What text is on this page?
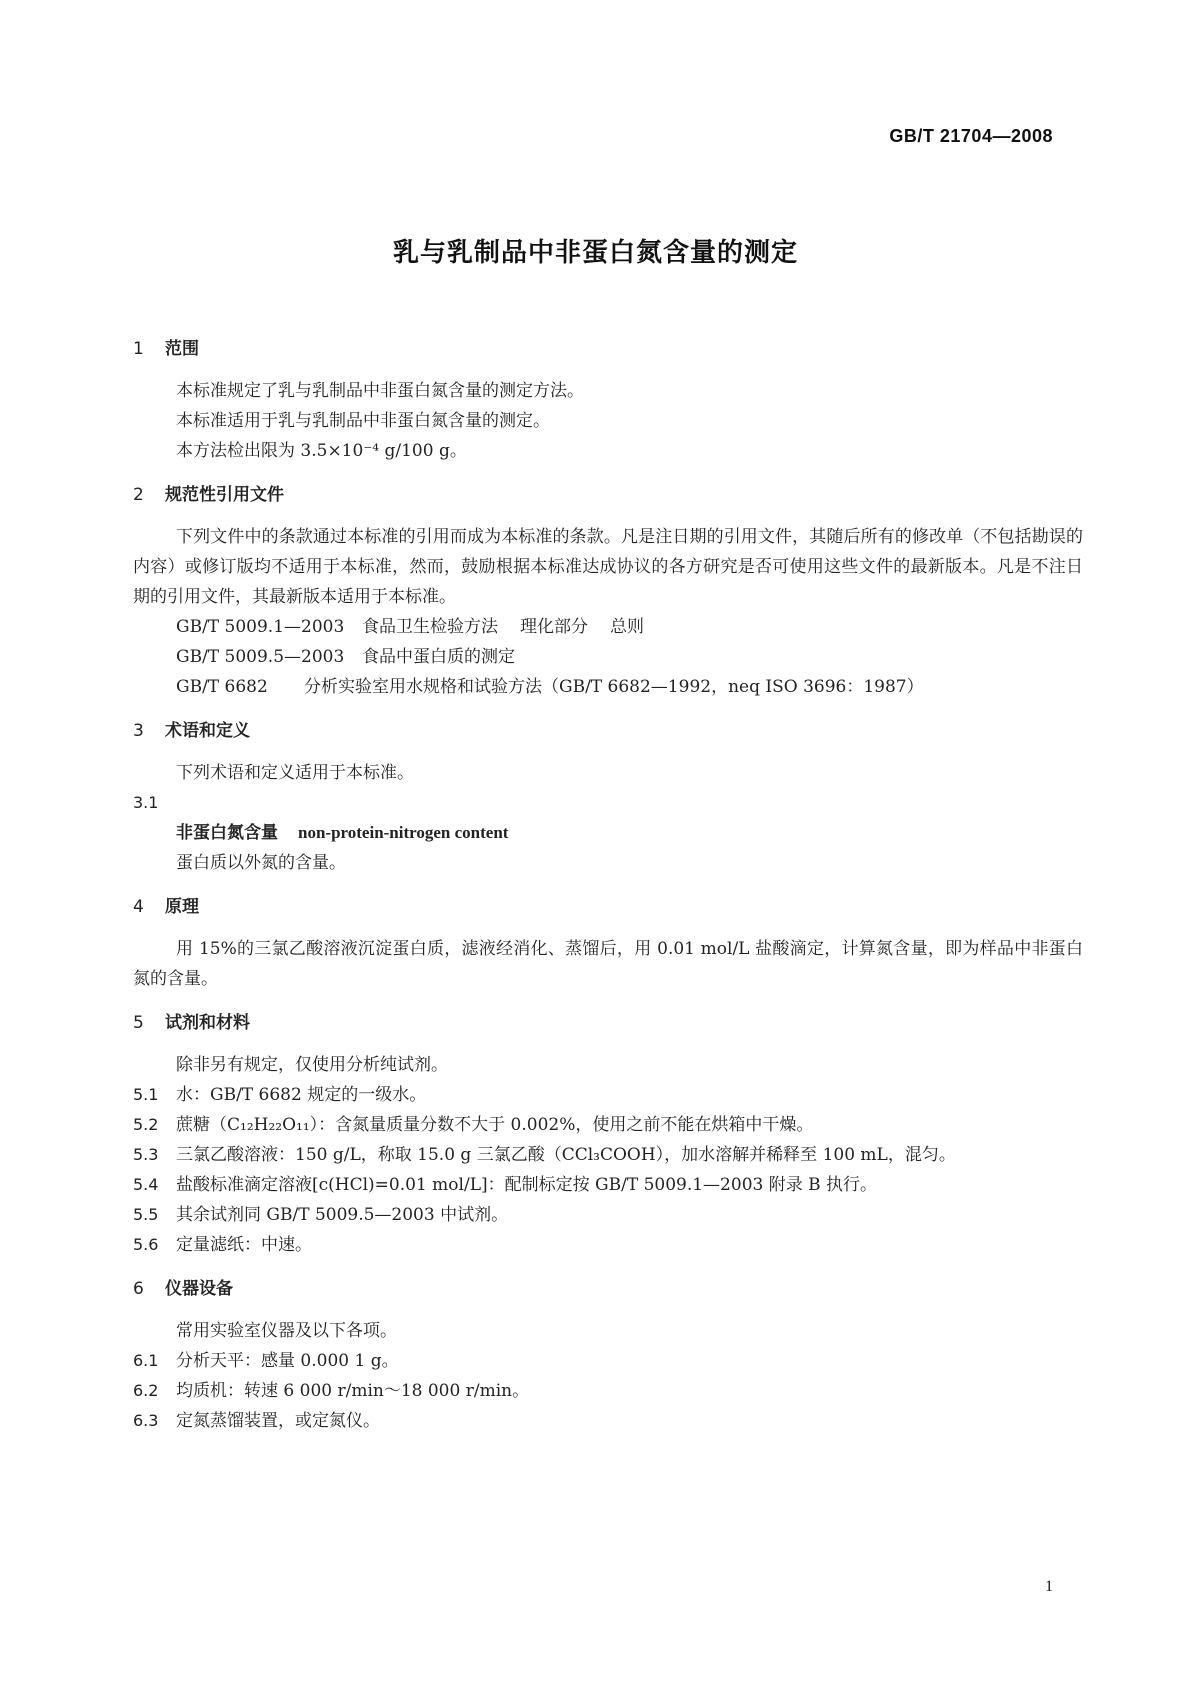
GB/T 21704—2008
乳与乳制品中非蛋白氮含量的测定
1 范围
本标准规定了乳与乳制品中非蛋白氮含量的测定方法。
本标准适用于乳与乳制品中非蛋白氮含量的测定。
本方法检出限为 3.5×10⁻⁴ g/100 g。
2 规范性引用文件
下列文件中的条款通过本标准的引用而成为本标准的条款。凡是注日期的引用文件，其随后所有的修改单（不包括勘误的内容）或修订版均不适用于本标准，然而，鼓励根据本标准达成协议的各方研究是否可使用这些文件的最新版本。凡是不注日期的引用文件，其最新版本适用于本标准。
GB/T 5009.1—2003 食品卫生检验方法 理化部分 总则
GB/T 5009.5—2003 食品中蛋白质的测定
GB/T 6682 分析实验室用水规格和试验方法（GB/T 6682—1992，neq ISO 3696：1987）
3 术语和定义
下列术语和定义适用于本标准。
3.1
非蛋白氮含量 non-protein-nitrogen content
蛋白质以外氮的含量。
4 原理
用 15%的三氯乙酸溶液沉淀蛋白质，滤液经消化、蒸馏后，用 0.01 mol/L 盐酸滴定，计算氮含量，即为样品中非蛋白氮的含量。
5 试剂和材料
除非另有规定，仅使用分析纯试剂。
5.1 水：GB/T 6682 规定的一级水。
5.2 蔗糖（C₁₂H₂₂O₁₁）：含氮量质量分数不大于 0.002%，使用之前不能在烘箱中干燥。
5.3 三氯乙酸溶液：150 g/L，称取 15.0 g 三氯乙酸（CCl₃COOH），加水溶解并稀释至 100 mL，混匀。
5.4 盐酸标准滴定溶液[c(HCl)=0.01 mol/L]：配制标定按 GB/T 5009.1—2003 附录 B 执行。
5.5 其余试剂同 GB/T 5009.5—2003 中试剂。
5.6 定量滤纸：中速。
6 仪器设备
常用实验室仪器及以下各项。
6.1 分析天平：感量 0.000 1 g。
6.2 均质机：转速 6 000 r/min～18 000 r/min。
6.3 定氮蒸馏装置，或定氮仪。
1
